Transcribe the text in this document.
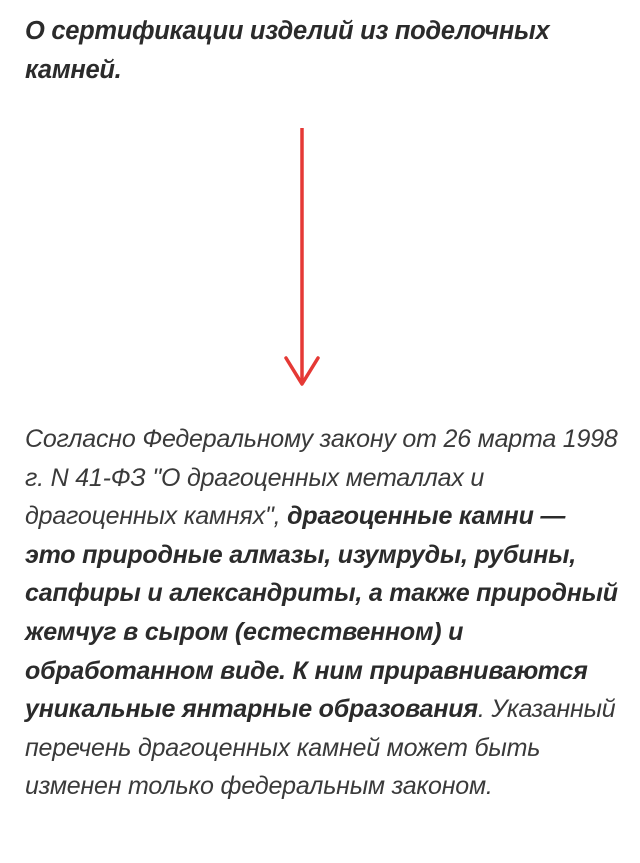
О сертификации изделий из поделочных камней.

Согласно Федеральному закону от 26 марта 1998 г. N 41-ФЗ "О драгоценных металлах и драгоценных камнях", драгоценные камни — это природные алмазы, изумруды, рубины, сапфиры и александриты, а также природный жемчуг в сыром (естественном) и обработанном виде. К ним приравниваются уникальные янтарные образования. Указанный перечень драгоценных камней может быть изменен только федеральным законом.
